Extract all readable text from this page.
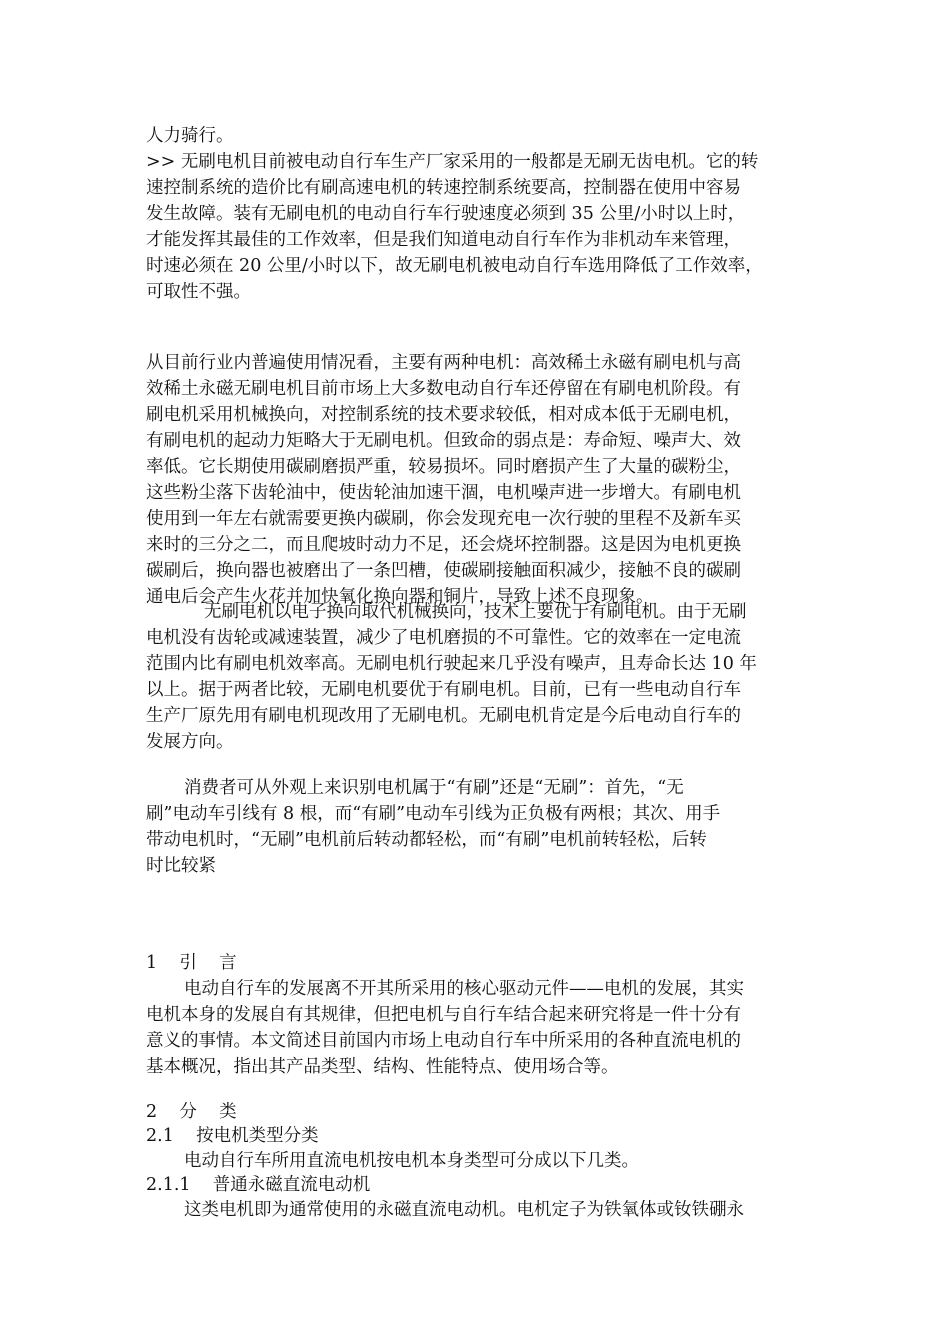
人力骑行。
>> 无刷电机目前被电动自行车生产厂家采用的一般都是无刷无齿电机。它的转
速控制系统的造价比有刷高速电机的转速控制系统要高，控制器在使用中容易
发生故障。装有无刷电机的电动自行车行驶速度必须到 35 公里/小时以上时，
才能发挥其最佳的工作效率，但是我们知道电动自行车作为非机动车来管理，
时速必须在 20 公里/小时以下，故无刷电机被电动自行车选用降低了工作效率，
可取性不强。
从目前行业内普遍使用情况看，主要有两种电机：高效稀土永磁有刷电机与高
效稀土永磁无刷电机目前市场上大多数电动自行车还停留在有刷电机阶段。有
刷电机采用机械换向，对控制系统的技术要求较低，相对成本低于无刷电机，
有刷电机的起动力矩略大于无刷电机。但致命的弱点是：寿命短、噪声大、效
率低。它长期使用碳刷磨损严重，较易损坏。同时磨损产生了大量的碳粉尘，
这些粉尘落下齿轮油中，使齿轮油加速干涸，电机噪声进一步增大。有刷电机
使用到一年左右就需要更换内碳刷，你会发现充电一次行驶的里程不及新车买
来时的三分之二，而且爬坡时动力不足，还会烧坏控制器。这是因为电机更换
碳刷后，换向器也被磨出了一条凹槽，使碳刷接触面积减少，接触不良的碳刷
通电后会产生火花并加快氧化换向器和铜片，导致上述不良现象。
无刷电机以电子换向取代机械换向，技术上要优于有刷电机。由于无刷
电机没有齿轮或减速装置，减少了电机磨损的不可靠性。它的效率在一定电流
范围内比有刷电机效率高。无刷电机行驶起来几乎没有噪声，且寿命长达 10 年
以上。据于两者比较，无刷电机要优于有刷电机。目前，已有一些电动自行车
生产厂原先用有刷电机现改用了无刷电机。无刷电机肯定是今后电动自行车的
发展方向。
消费者可从外观上来识别电机属于“有刷”还是“无刷”：首先，“无
刷”电动车引线有 8 根，而“有刷”电动车引线为正负极有两根；其次、用手
带动电机时，“无刷”电机前后转动都轻松，而“有刷”电机前转轻松，后转
时比较紧
1    引    言
电动自行车的发展离不开其所采用的核心驱动元件——电机的发展，其实
电机本身的发展自有其规律，但把电机与自行车结合起来研究将是一件十分有
意义的事情。本文简述目前国内市场上电动自行车中所采用的各种直流电机的
基本概况，指出其产品类型、结构、性能特点、使用场合等。
2    分    类
2.1    按电机类型分类
电动自行车所用直流电机按电机本身类型可分成以下几类。
2.1.1    普通永磁直流电动机
这类电机即为通常使用的永磁直流电动机。电机定子为铁氧体或钕铁硼永
